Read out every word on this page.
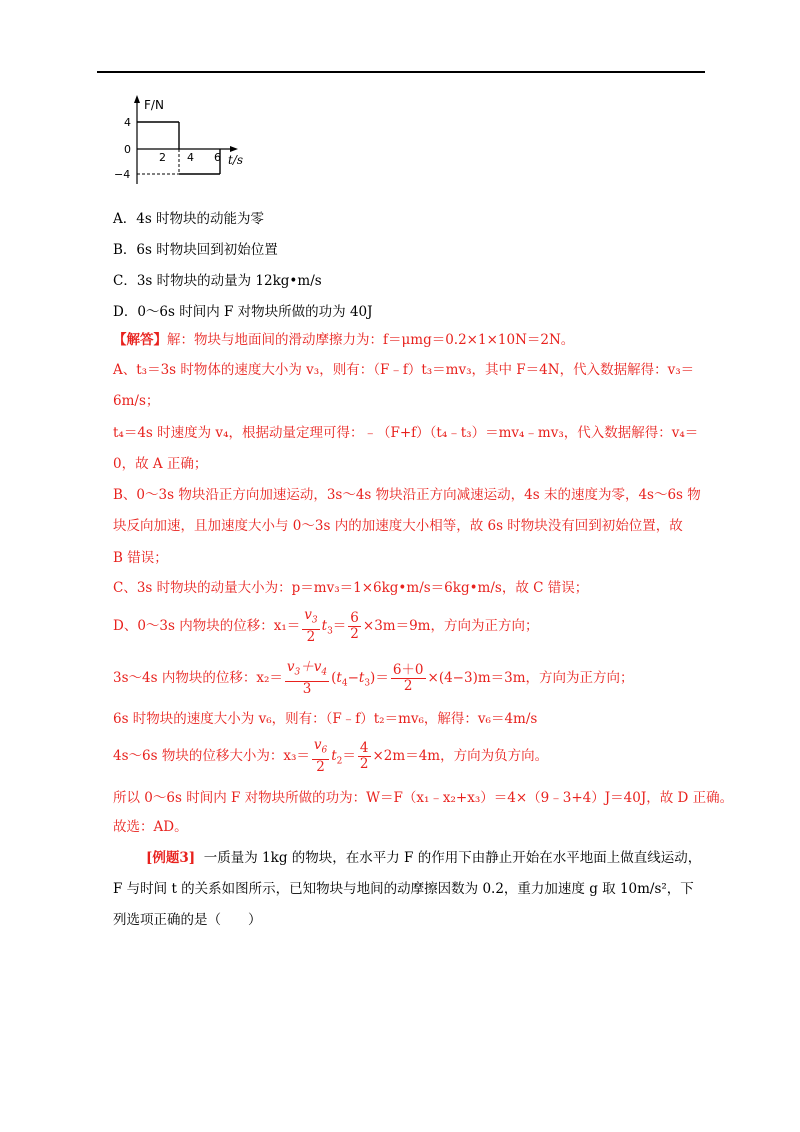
F/N
t/s
4
0
−4
2 4 6
A．4s 时物块的动能为零
B．6s 时物块回到初始位置
C．3s 时物块的动量为 12kg•m/s
D．0～6s 时间内 F 对物块所做的功为 40J
【解答】解：物块与地面间的滑动摩擦力为：f＝μmg＝0.2×1×10N＝2N。
A、t₃＝3s 时物体的速度大小为 v₃，则有：（F﹣f）t₃＝mv₃，其中 F＝4N，代入数据解得：v₃＝
6m/s；
t₄＝4s 时速度为 v₄，根据动量定理可得：﹣（F+f）（t₄﹣t₃）＝mv₄﹣mv₃，代入数据解得：v₄＝
0，故 A 正确；
B、0～3s 物块沿正方向加速运动，3s～4s 物块沿正方向减速运动，4s 末的速度为零，4s～6s 物
块反向加速，且加速度大小与 0～3s 内的加速度大小相等，故 6s 时物块没有回到初始位置，故
B 错误；
C、3s 时物块的动量大小为：p＝mv₃＝1×6kg•m/s＝6kg•m/s，故 C 错误；
D、0～3s 内物块的位移：$x_1= \frac{v_3}{2} t_3= \frac{6}{2} \times 3m=9m$，方向为正方向；
3s～4s 内物块的位移：$x_2= \frac{v_3+v_4}{3} (t_4-t_3)= \frac{6+0}{2} \times(4-3)m=3m$，方向为正方向；
6s 时物块的速度大小为 v₆，则有：（F﹣f）t₂＝mv₆，解得：v₆＝4m/s
4s～6s 物块的位移大小为：$x_3= \frac{v_6}{2} t_2= \frac{4}{2} \times 2m=4m$，方向为负方向。
所以 0～6s 时间内 F 对物块所做的功为：W＝F（x₁﹣x₂+x₃）＝4×（9﹣3+4）J＝40J，故 D 正确。
故选：AD。
[例题3] 一质量为 1kg 的物块，在水平力 F 的作用下由静止开始在水平地面上做直线运动，
F 与时间 t 的关系如图所示，已知物块与地间的动摩擦因数为 0.2，重力加速度 g 取 10m/s²，下
列选项正确的是（　　）
